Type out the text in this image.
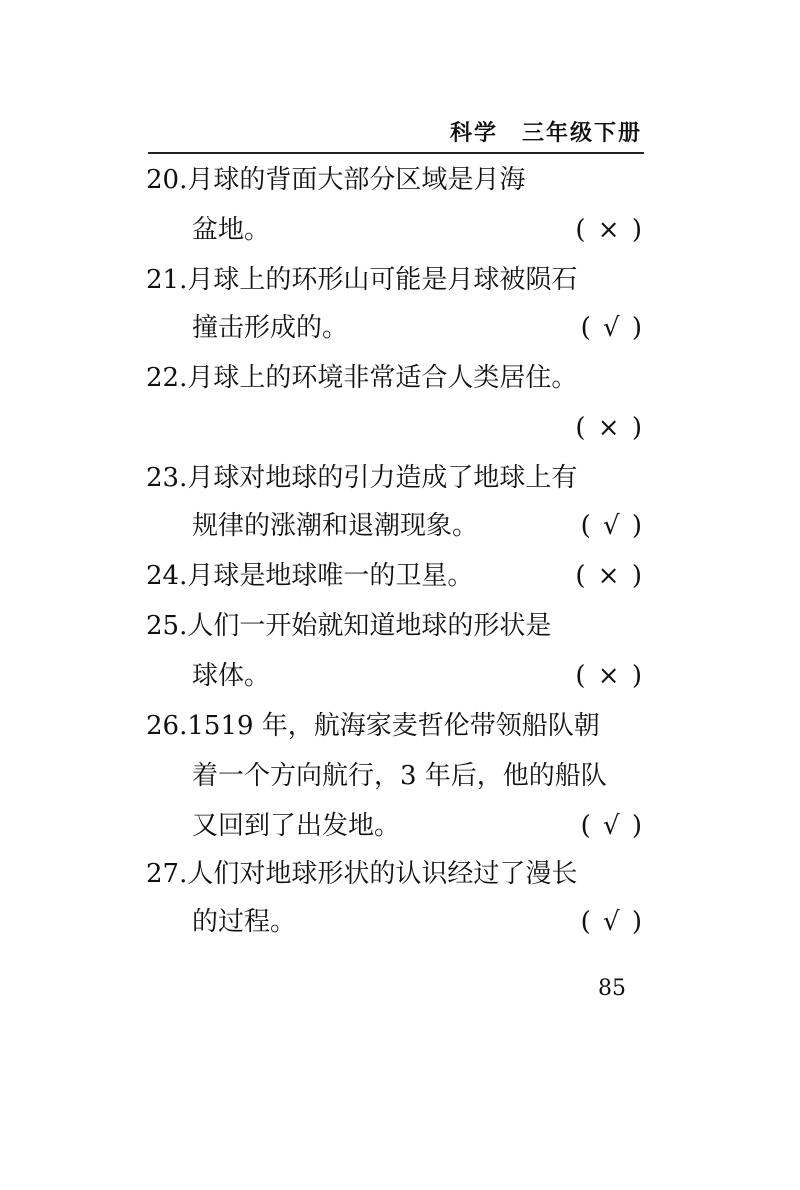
科学　三年级下册
20.月球的背面大部分区域是月海
盆地。	( × )
21.月球上的环形山可能是月球被陨石
撞击形成的。	( √ )
22.月球上的环境非常适合人类居住。
( × )
23.月球对地球的引力造成了地球上有
规律的涨潮和退潮现象。	( √ )
24.月球是地球唯一的卫星。	( × )
25.人们一开始就知道地球的形状是
球体。	( × )
26.1519 年，航海家麦哲伦带领船队朝
着一个方向航行，3 年后，他的船队
又回到了出发地。	( √ )
27.人们对地球形状的认识经过了漫长
的过程。	( √ )
85
